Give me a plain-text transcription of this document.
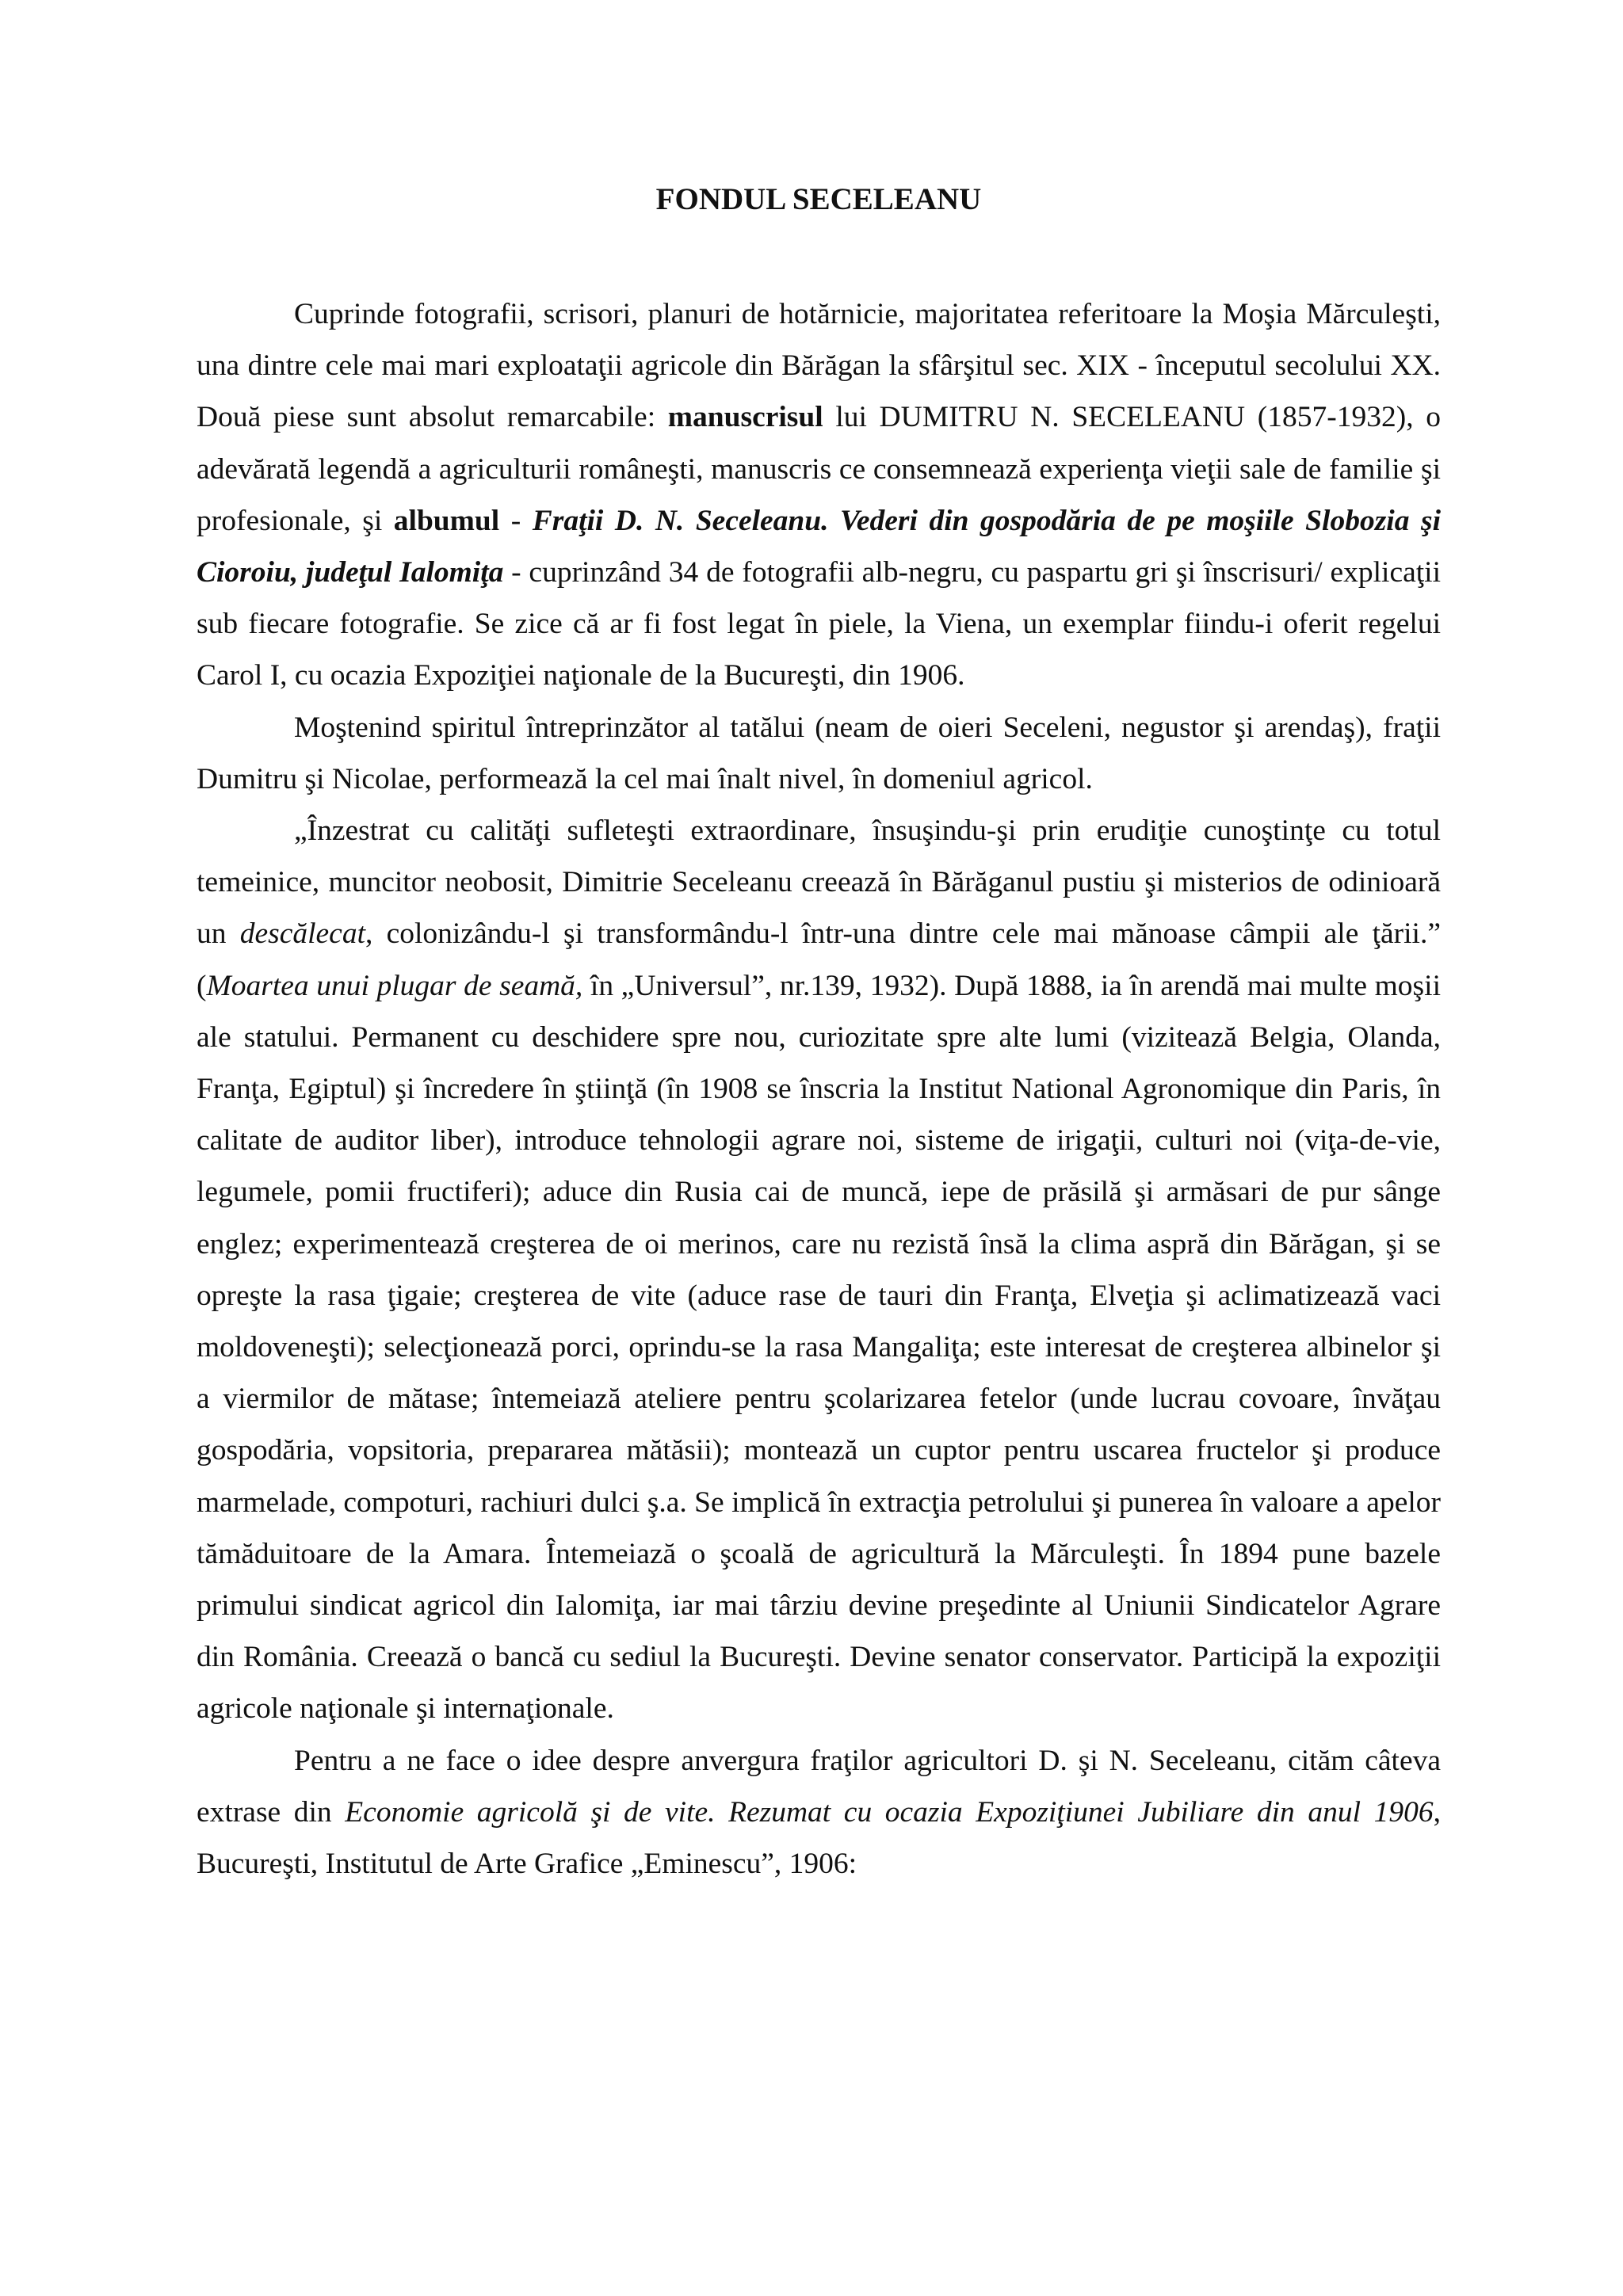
FONDUL SECELEANU

Cuprinde fotografii, scrisori, planuri de hotărnicie, majoritatea referitoare la Moşia Mărculeşti, una dintre cele mai mari exploataţii agricole din Bărăgan la sfârşitul sec. XIX - începutul secolului XX. Două piese sunt absolut remarcabile: manuscrisul lui DUMITRU N. SECELEANU (1857-1932), o adevărată legendă a agriculturii româneşti, manuscris ce consemnează experienţa vieţii sale de familie şi profesionale, şi albumul - Fraţii D. N. Seceleanu. Vederi din gospodăria de pe moşiile Slobozia şi Cioroiu, judeţul Ialomiţa - cuprinzând 34 de fotografii alb-negru, cu paspartu gri şi înscrisuri/ explicaţii sub fiecare fotografie. Se zice că ar fi fost legat în piele, la Viena, un exemplar fiindu-i oferit regelui Carol I, cu ocazia Expoziţiei naţionale de la Bucureşti, din 1906.

Moştenind spiritul întreprinzător al tatălui (neam de oieri Seceleni, negustor şi arendaş), fraţii Dumitru şi Nicolae, performează la cel mai înalt nivel, în domeniul agricol.

„Înzestrat cu calităţi sufleteşti extraordinare, însuşindu-şi prin erudiţie cunoştinţe cu totul temeinice, muncitor neobosit, Dimitrie Seceleanu creează în Bărăganul pustiu şi misterios de odinioară un descălecat, colonizându-l şi transformându-l într-una dintre cele mai mănoase câmpii ale ţării.” (Moartea unui plugar de seamă, în „Universul”, nr.139, 1932). După 1888, ia în arendă mai multe moşii ale statului. Permanent cu deschidere spre nou, curiozitate spre alte lumi (vizitează Belgia, Olanda, Franţa, Egiptul) şi încredere în ştiinţă (în 1908 se înscria la Institut National Agronomique din Paris, în calitate de auditor liber), introduce tehnologii agrare noi, sisteme de irigaţii, culturi noi (viţa-de-vie, legumele, pomii fructiferi); aduce din Rusia cai de muncă, iepe de prăsilă şi armăsari de pur sânge englez; experimentează creşterea de oi merinos, care nu rezistă însă la clima aspră din Bărăgan, şi se opreşte la rasa ţigaie; creşterea de vite (aduce rase de tauri din Franţa, Elveţia şi aclimatizează vaci moldoveneşti); selecţionează porci, oprindu-se la rasa Mangaliţa; este interesat de creşterea albinelor şi a viermilor de mătase; întemeiază ateliere pentru şcolarizarea fetelor (unde lucrau covoare, învăţau gospodăria, vopsitoria, prepararea mătăsii); montează un cuptor pentru uscarea fructelor şi produce marmelade, compoturi, rachiuri dulci ş.a. Se implică în extracţia petrolului şi punerea în valoare a apelor tămăduitoare de la Amara. Întemeiază o şcoală de agricultură la Mărculeşti. În 1894 pune bazele primului sindicat agricol din Ialomiţa, iar mai târziu devine preşedinte al Uniunii Sindicatelor Agrare din România. Creează o bancă cu sediul la Bucureşti. Devine senator conservator. Participă la expoziţii agricole naţionale şi internaţionale.

Pentru a ne face o idee despre anvergura fraţilor agricultori D. şi N. Seceleanu, cităm câteva extrase din Economie agricolă şi de vite. Rezumat cu ocazia Expoziţiunei Jubiliare din anul 1906, Bucureşti, Institutul de Arte Grafice „Eminescu”, 1906:
